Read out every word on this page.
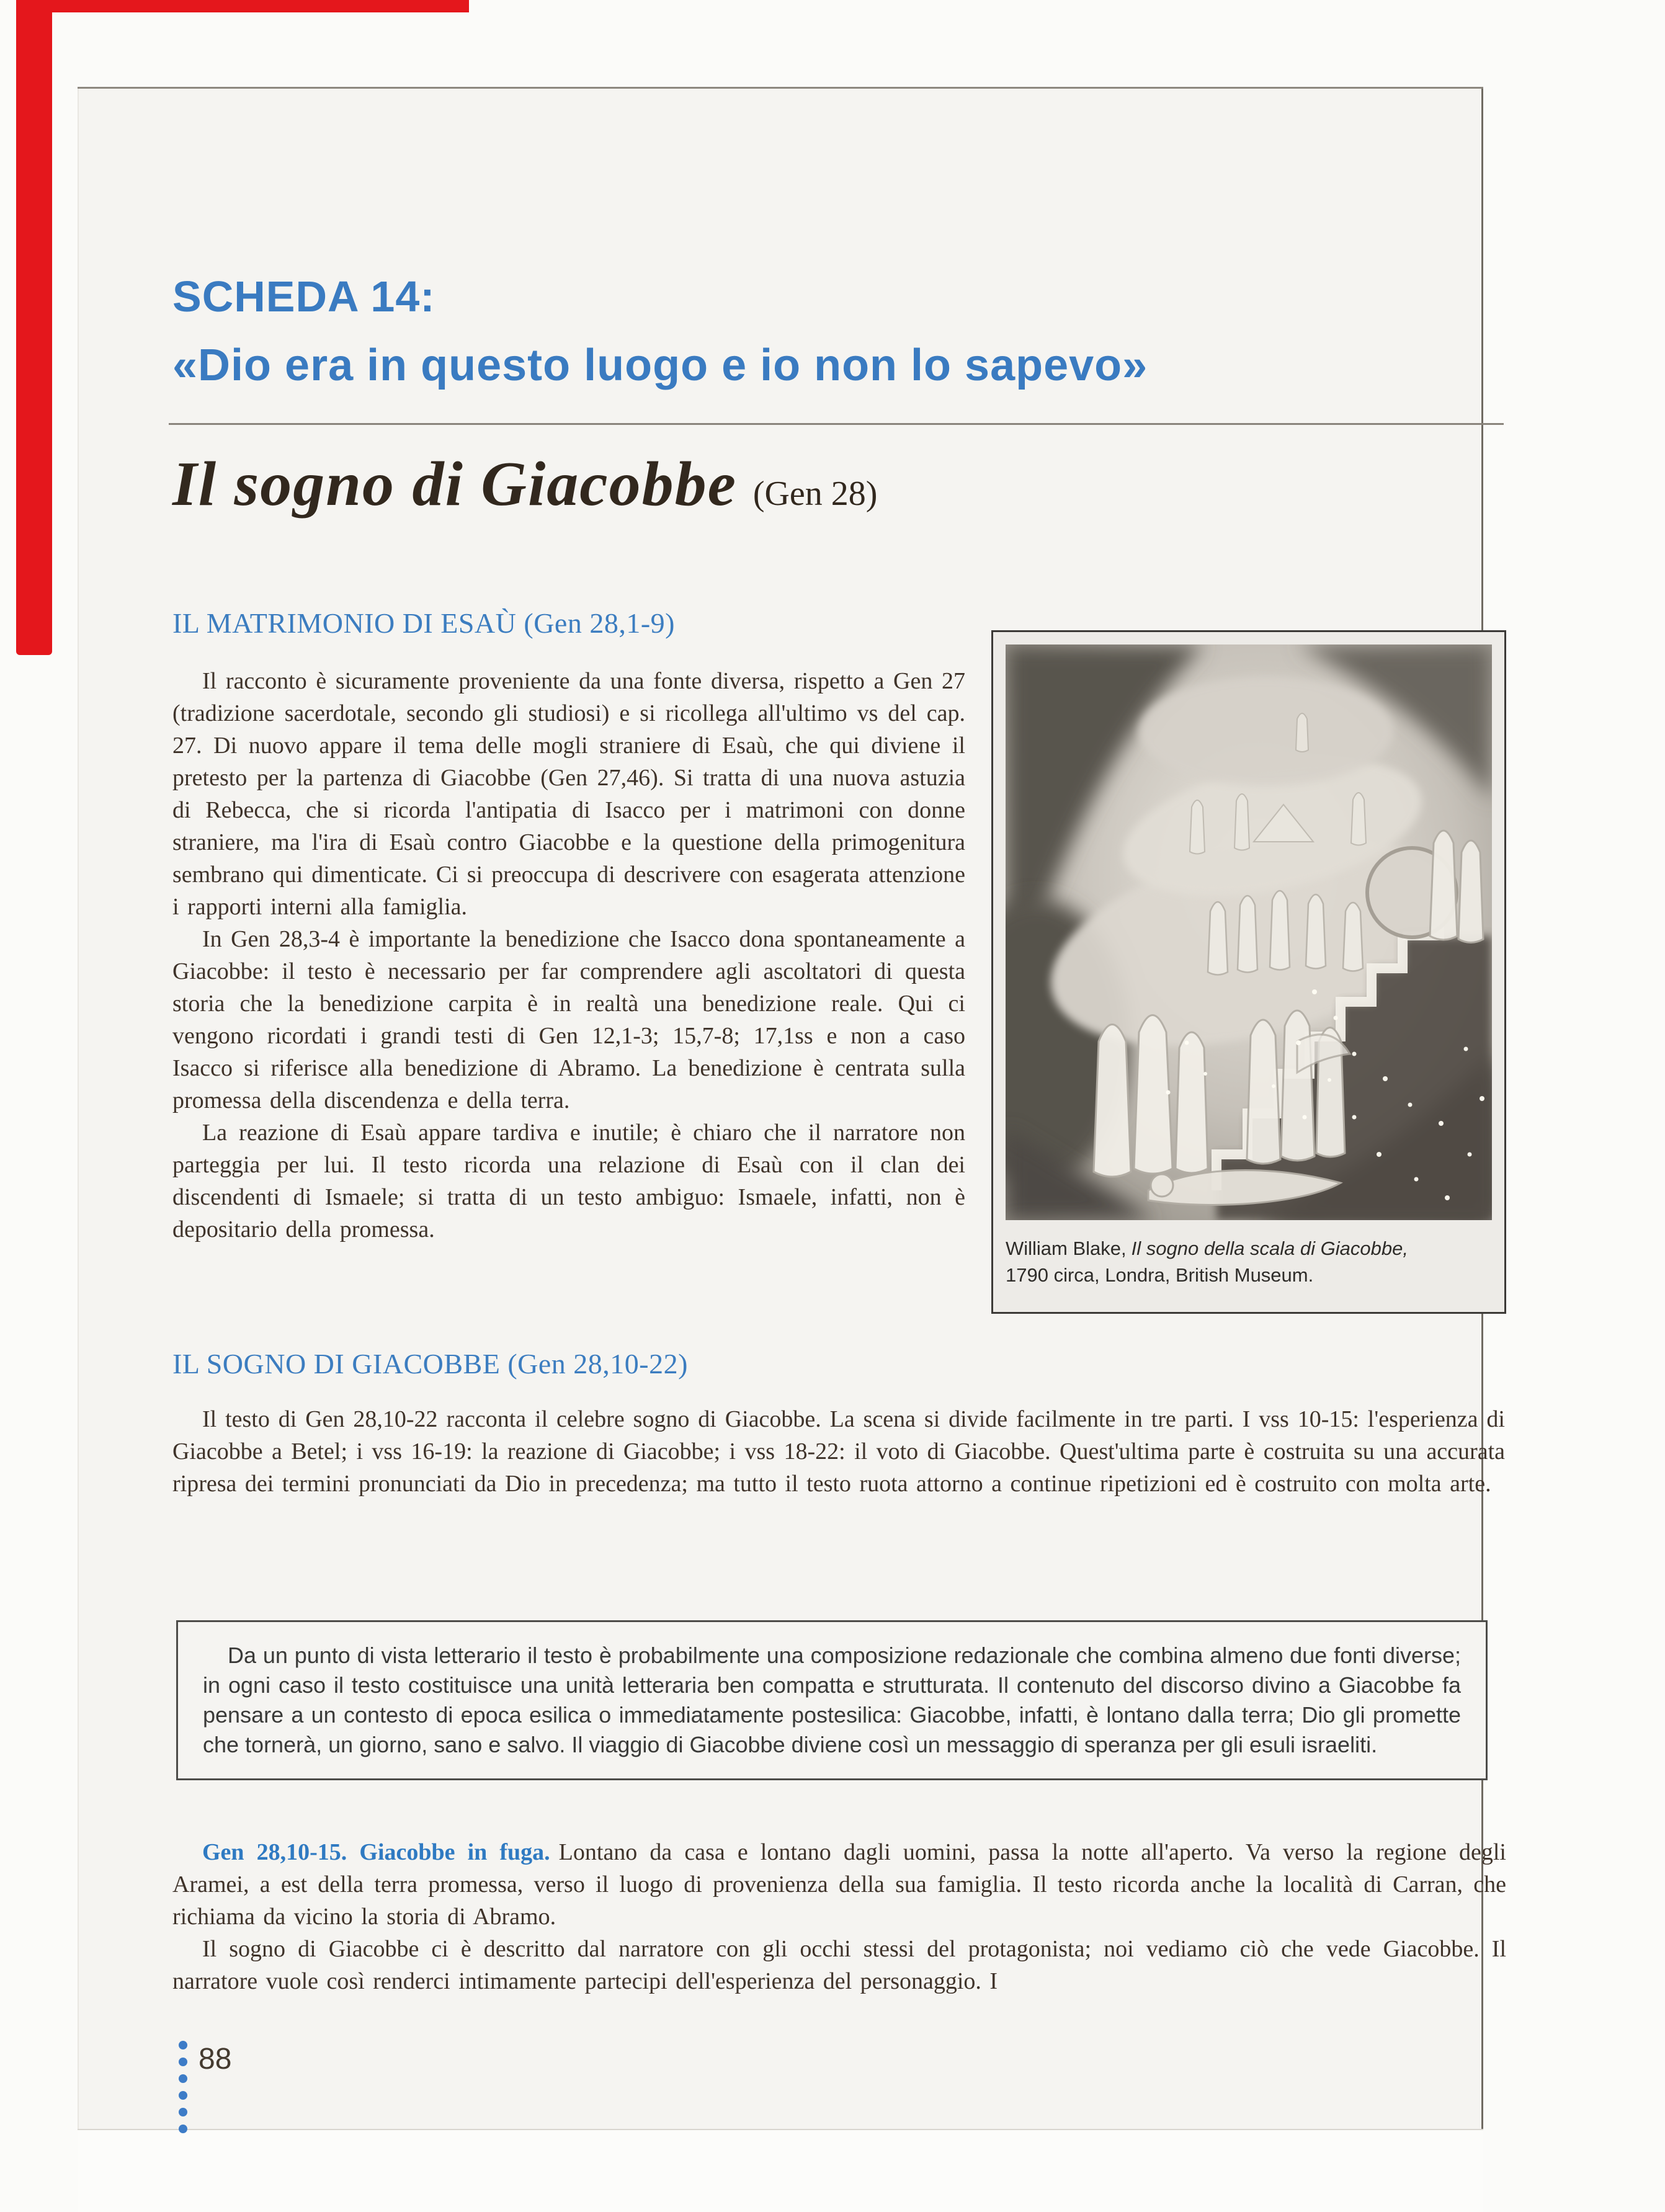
SCHEDA 14:
«Dio era in questo luogo e io non lo sapevo»
Il sogno di Giacobbe (Gen 28)
IL MATRIMONIO DI ESAÙ (Gen 28,1-9)

Il racconto è sicuramente proveniente da una fonte diversa, rispetto a Gen 27 (tradizione sacerdotale, secondo gli studiosi) e si ricollega all'ultimo vs del cap. 27. Di nuovo appare il tema delle mogli straniere di Esaù, che qui diviene il pretesto per la partenza di Giacobbe (Gen 27,46). Si tratta di una nuova astuzia di Rebecca, che si ricorda l'antipatia di Isacco per i matrimoni con donne straniere, ma l'ira di Esaù contro Giacobbe e la questione della primogenitura sembrano qui dimenticate. Ci si preoccupa di descrivere con esagerata attenzione i rapporti interni alla famiglia.

In Gen 28,3-4 è importante la benedizione che Isacco dona spontaneamente a Giacobbe: il testo è necessario per far comprendere agli ascoltatori di questa storia che la benedizione carpita è in realtà una benedizione reale. Qui ci vengono ricordati i grandi testi di Gen 12,1-3; 15,7-8; 17,1ss e non a caso Isacco si riferisce alla benedizione di Abramo. La benedizione è centrata sulla promessa della discendenza e della terra.

La reazione di Esaù appare tardiva e inutile; è chiaro che il narratore non parteggia per lui. Il testo ricorda una relazione di Esaù con il clan dei discendenti di Ismaele; si tratta di un testo ambiguo: Ismaele, infatti, non è depositario della promessa.

William Blake, Il sogno della scala di Giacobbe,
1790 circa, Londra, British Museum.
IL SOGNO DI GIACOBBE (Gen 28,10-22)

Il testo di Gen 28,10-22 racconta il celebre sogno di Giacobbe. La scena si divide facilmente in tre parti. I vss 10-15: l'esperienza di Giacobbe a Betel; i vss 16-19: la reazione di Giacobbe; i vss 18-22: il voto di Giacobbe. Quest'ultima parte è costruita su una accurata ripresa dei termini pronunciati da Dio in precedenza; ma tutto il testo ruota attorno a continue ripetizioni ed è costruito con molta arte.

Da un punto di vista letterario il testo è probabilmente una composizione redazionale che combina almeno due fonti diverse; in ogni caso il testo costituisce una unità letteraria ben compatta e strutturata. Il contenuto del discorso divino a Giacobbe fa pensare a un contesto di epoca esilica o immediatamente postesilica: Giacobbe, infatti, è lontano dalla terra; Dio gli promette che tornerà, un giorno, sano e salvo. Il viaggio di Giacobbe diviene così un messaggio di speranza per gli esuli israeliti.

Gen 28,10-15. Giacobbe in fuga. Lontano da casa e lontano dagli uomini, passa la notte all'aperto. Va verso la regione degli Aramei, a est della terra promessa, verso il luogo di provenienza della sua famiglia. Il testo ricorda anche la località di Carran, che richiama da vicino la storia di Abramo.

Il sogno di Giacobbe ci è descritto dal narratore con gli occhi stessi del protagonista; noi vediamo ciò che vede Giacobbe. Il narratore vuole così renderci intimamente partecipi dell'esperienza del personaggio. I

88
